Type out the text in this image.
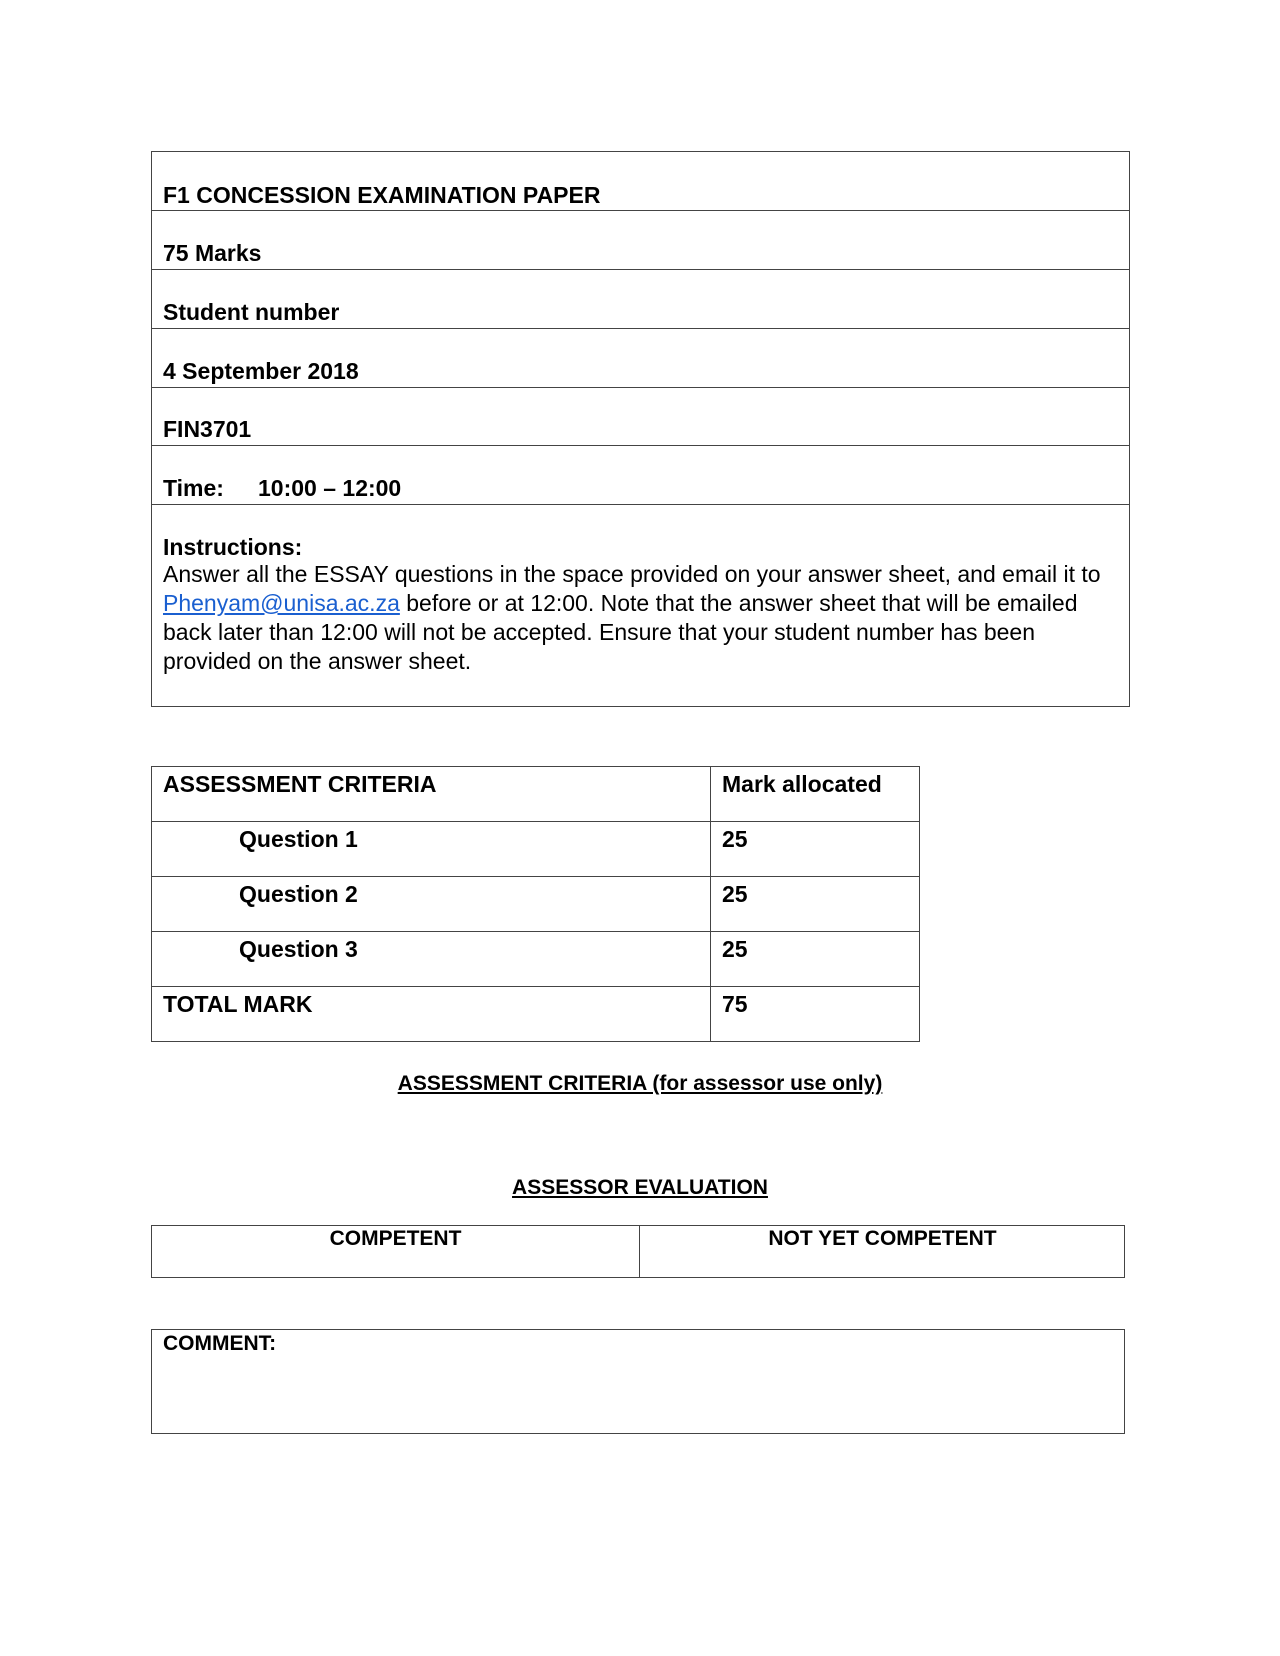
F1 CONCESSION EXAMINATION PAPER
75 Marks
Student number
4 September 2018
FIN3701
Time: 10:00 – 12:00
Instructions:
Answer all the ESSAY questions in the space provided on your answer sheet, and email it to Phenyam@unisa.ac.za before or at 12:00. Note that the answer sheet that will be emailed back later than 12:00 will not be accepted. Ensure that your student number has been provided on the answer sheet.
ASSESSMENT CRITERIA	Mark allocated
Question 1	25
Question 2	25
Question 3	25
TOTAL MARK	75
ASSESSMENT CRITERIA (for assessor use only)
ASSESSOR EVALUATION
COMPETENT	NOT YET COMPETENT
COMMENT:
